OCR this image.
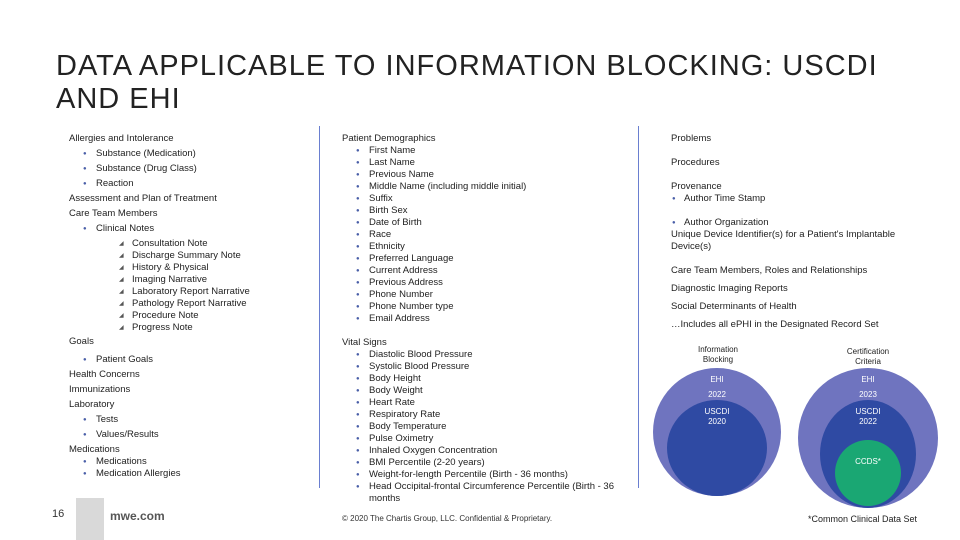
DATA APPLICABLE TO INFORMATION BLOCKING: USCDI AND EHI
Allergies and Intolerance
● Substance (Medication)
● Substance (Drug Class)
● Reaction
Assessment and Plan of Treatment
Care Team Members
● Clinical Notes
◢ Consultation Note
◢ Discharge Summary Note
◢ History & Physical
◢ Imaging Narrative
◢ Laboratory Report Narrative
◢ Pathology Report Narrative
◢ Procedure Note
◢ Progress Note
Goals
● Patient Goals
Health Concerns
Immunizations
Laboratory
● Tests
● Values/Results
Medications
● Medications
● Medication Allergies
Patient Demographics
● First Name
● Last Name
● Previous Name
● Middle Name (including middle initial)
● Suffix
● Birth Sex
● Date of Birth
● Race
● Ethnicity
● Preferred Language
● Current Address
● Previous Address
● Phone Number
● Phone Number type
● Email Address
Vital Signs
● Diastolic Blood Pressure
● Systolic Blood Pressure
● Body Height
● Body Weight
● Heart Rate
● Respiratory Rate
● Body Temperature
● Pulse Oximetry
● Inhaled Oxygen Concentration
● BMI Percentile (2-20 years)
● Weight-for-length Percentile (Birth - 36 months)
● Head Occipital-frontal Circumference Percentile (Birth - 36 months
Problems
Procedures
Provenance
● Author Time Stamp
● Author Organization
Unique Device Identifier(s) for a Patient's Implantable Device(s)
Care Team Members, Roles and Relationships
Diagnostic Imaging Reports
Social Determinants of Health
…Includes all ePHI in the Designated Record Set
Information Blocking
Certification Criteria
EHI
2022
USCDI
2020
EHI
2023
USCDI
2022
CCDS*
16	mwe.com	© 2020 The Chartis Group, LLC. Confidential & Proprietary.	*Common Clinical Data Set
